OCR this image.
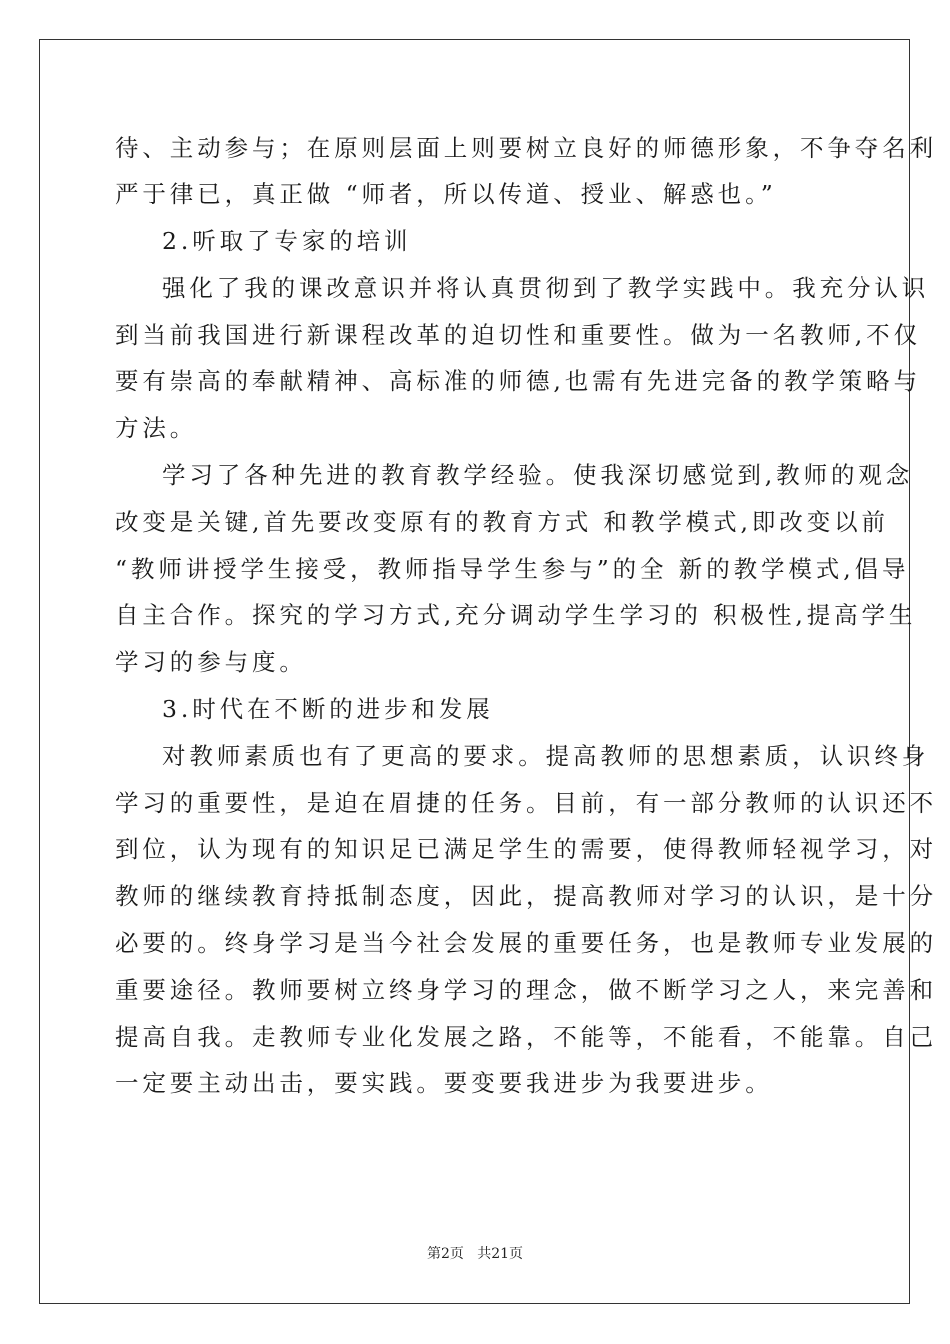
待、主动参与；在原则层面上则要树立良好的师德形象，不争夺名利
严于律已，真正做 “师者，所以传道、授业、解惑也。”
2.听取了专家的培训
强化了我的课改意识并将认真贯彻到了教学实践中。我充分认识
到当前我国进行新课程改革的迫切性和重要性。做为一名教师,不仅
要有崇高的奉献精神、高标准的师德,也需有先进完备的教学策略与
方法。
学习了各种先进的教育教学经验。使我深切感觉到,教师的观念
改变是关键,首先要改变原有的教育方式 和教学模式,即改变以前
“教师讲授学生接受，教师指导学生参与”的全 新的教学模式,倡导
自主合作。探究的学习方式,充分调动学生学习的 积极性,提高学生
学习的参与度。
3.时代在不断的进步和发展
对教师素质也有了更高的要求。提高教师的思想素质，认识终身
学习的重要性，是迫在眉捷的任务。目前，有一部分教师的认识还不
到位，认为现有的知识足已满足学生的需要，使得教师轻视学习，对
教师的继续教育持抵制态度，因此，提高教师对学习的认识，是十分
必要的。终身学习是当今社会发展的重要任务，也是教师专业发展的
重要途径。教师要树立终身学习的理念，做不断学习之人，来完善和
提高自我。走教师专业化发展之路，不能等，不能看，不能靠。自己
一定要主动出击，要实践。要变要我进步为我要进步。
第2页   共21页
